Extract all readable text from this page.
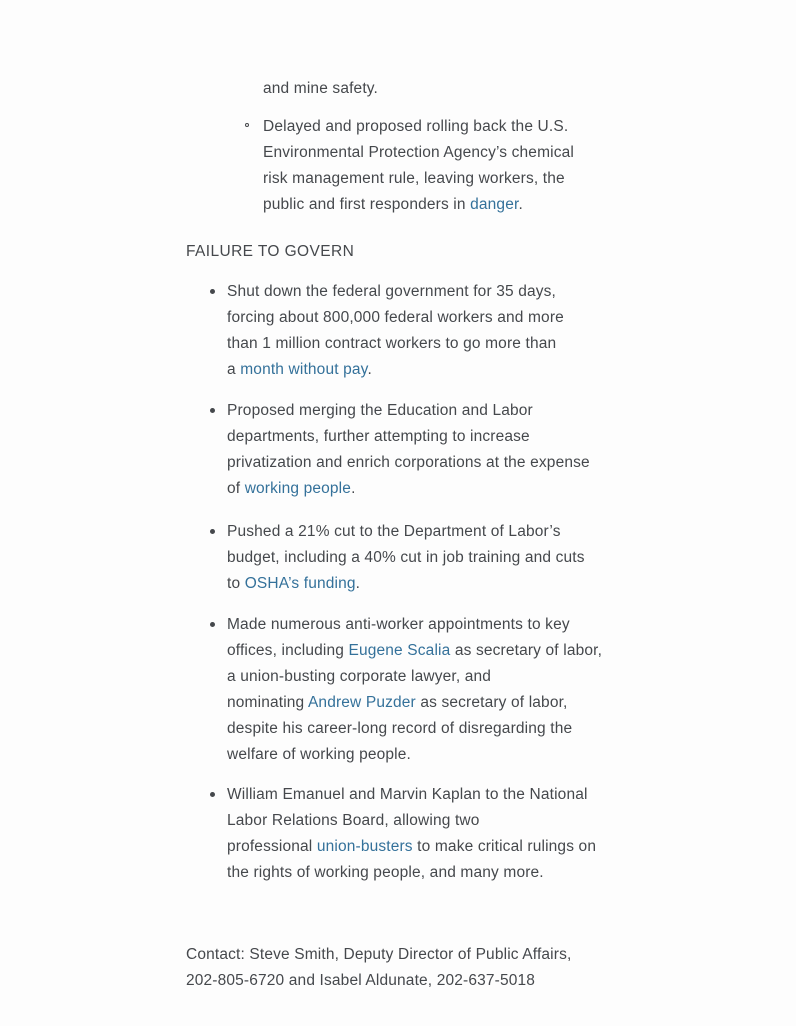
and mine safety.
Delayed and proposed rolling back the U.S.
Environmental Protection Agency’s chemical
risk management rule, leaving workers, the
public and first responders in danger.
FAILURE TO GOVERN
Shut down the federal government for 35 days,
forcing about 800,000 federal workers and more
than 1 million contract workers to go more than
a month without pay.
Proposed merging the Education and Labor
departments, further attempting to increase
privatization and enrich corporations at the expense
of working people.
Pushed a 21% cut to the Department of Labor’s
budget, including a 40% cut in job training and cuts
to OSHA’s funding.
Made numerous anti-worker appointments to key
offices, including Eugene Scalia as secretary of labor,
a union-busting corporate lawyer, and
nominating Andrew Puzder as secretary of labor,
despite his career-long record of disregarding the
welfare of working people.
William Emanuel and Marvin Kaplan to the National
Labor Relations Board, allowing two
professional union-busters to make critical rulings on
the rights of working people, and many more.
Contact: Steve Smith, Deputy Director of Public Affairs,
202-805-6720 and Isabel Aldunate, 202-637-5018
